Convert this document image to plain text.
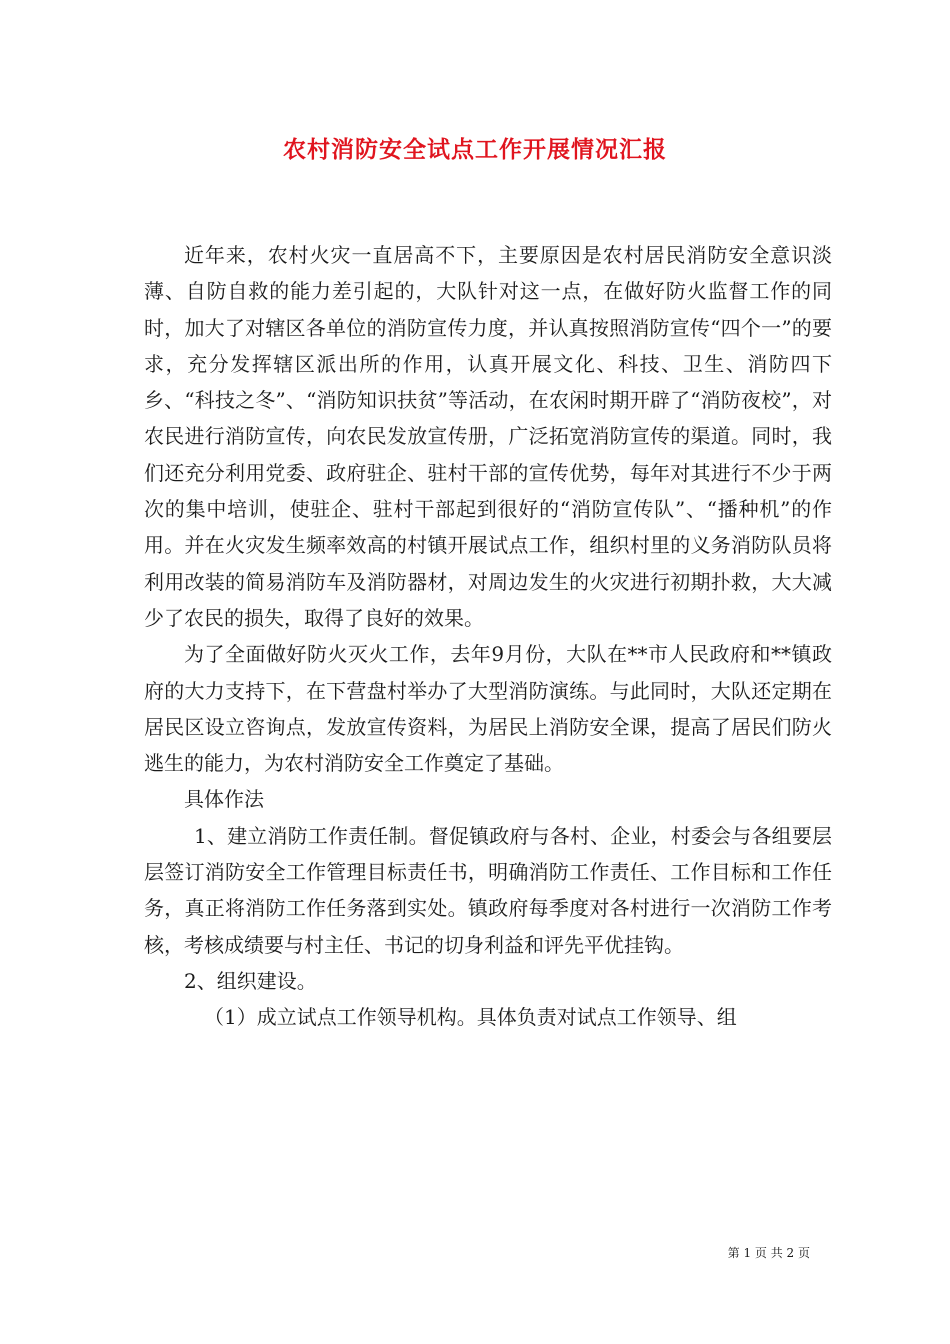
农村消防安全试点工作开展情况汇报

近年来，农村火灾一直居高不下，主要原因是农村居民消防安全意识淡薄、自防自救的能力差引起的，大队针对这一点，在做好防火监督工作的同时，加大了对辖区各单位的消防宣传力度，并认真按照消防宣传“四个一”的要求，充分发挥辖区派出所的作用，认真开展文化、科技、卫生、消防四下乡、“科技之冬”、“消防知识扶贫”等活动，在农闲时期开辟了“消防夜校”，对农民进行消防宣传，向农民发放宣传册，广泛拓宽消防宣传的渠道。同时，我们还充分利用党委、政府驻企、驻村干部的宣传优势，每年对其进行不少于两次的集中培训，使驻企、驻村干部起到很好的“消防宣传队”、“播种机”的作用。并在火灾发生频率效高的村镇开展试点工作，组织村里的义务消防队员将利用改装的简易消防车及消防器材，对周边发生的火灾进行初期扑救，大大减少了农民的损失，取得了良好的效果。

为了全面做好防火灭火工作，去年9月份，大队在**市人民政府和**镇政府的大力支持下，在下营盘村举办了大型消防演练。与此同时，大队还定期在居民区设立咨询点，发放宣传资料，为居民上消防安全课，提高了居民们防火逃生的能力，为农村消防安全工作奠定了基础。

具体作法

1、建立消防工作责任制。督促镇政府与各村、企业，村委会与各组要层层签订消防安全工作管理目标责任书，明确消防工作责任、工作目标和工作任务，真正将消防工作任务落到实处。镇政府每季度对各村进行一次消防工作考核，考核成绩要与村主任、书记的切身利益和评先平优挂钩。

2、组织建设。

（1）成立试点工作领导机构。具体负责对试点工作领导、组

第 1 页 共 2 页
